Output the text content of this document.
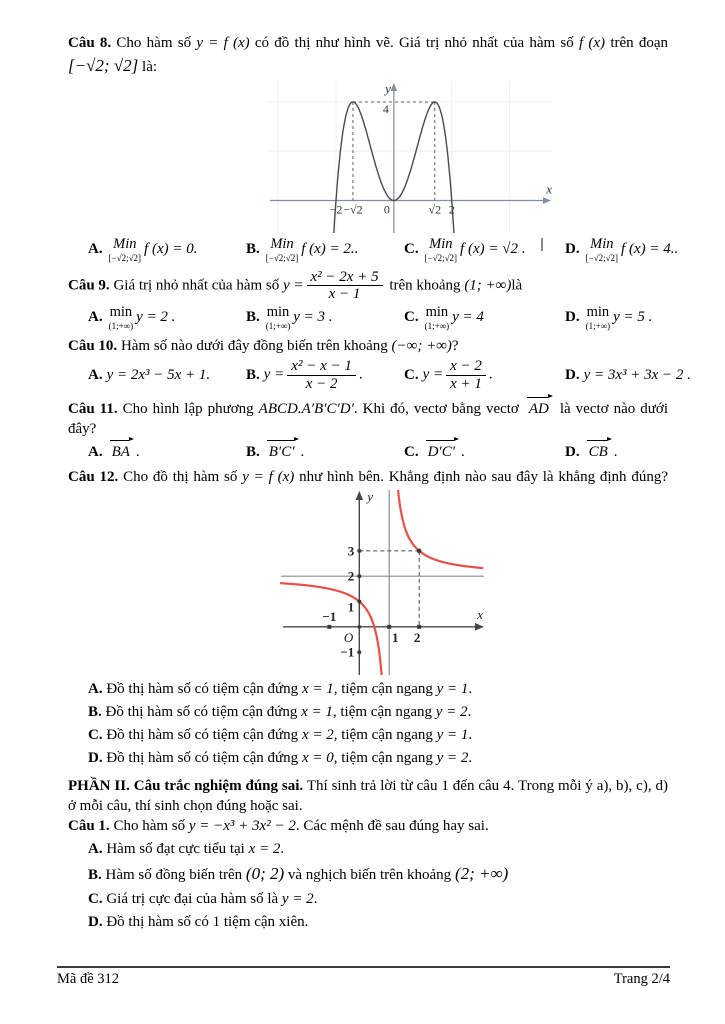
Câu 8. Cho hàm số y = f (x) có đồ thị như hình vẽ. Giá trị nhỏ nhất của hàm số f (x) trên đoạn
[−√2; √2] là:
y
x
4
−2 −√2 0	√2 2
A. Min
[−√2;√2]
f (x) = 0.	B. Min
[−√2;√2]
f (x) = 2..	C. Min
[−√2;√2]
f (x) = √2 .	D. Min
[−√2;√2]
f (x) = 4..
Câu 9. Giá trị nhỏ nhất của hàm số $y = \frac{\text{x² − 2x + 5}}{x - 1}$ trên khoảng (1; +∞)là
A. min
(1;+∞)
y = 2 .	B. min
(1;+∞)
y = 3 .	C. min
(1;+∞)
y = 4	D. min
(1;+∞)
y = 5 .
Câu 10. Hàm số nào dưới đây đồng biến trên khoảng (−∞; +∞)?
A. y = 2x³ − 5x + 1.	B. $y = \frac{\text{x² − x − 1}}{x - 2}$ .	C. $y = \frac{x - 2}{x + 1}$ .	D. y = 3x³ + 3x − 2 .
Câu 11. Cho hình lập phương ABCD.A′B′C′D′. Khi đó, vectơ bằng vectơ AD là vectơ nào dưới đây?
A. BA .	B. B′C′ .	C. D′C′ .	D. CB .
Câu 12. Cho đồ thị hàm số y = f (x) như hình bên. Khẳng định nào sau đây là khẳng định đúng?
−1
1
2
3
−1
1 2
O
y
x
A. Đồ thị hàm số có tiệm cận đứng x = 1, tiệm cận ngang y = 1.
B. Đồ thị hàm số có tiệm cận đứng x = 1, tiệm cận ngang y = 2.
C. Đồ thị hàm số có tiệm cận đứng x = 2, tiệm cận ngang y = 1.
D. Đồ thị hàm số có tiệm cận đứng x = 0, tiệm cận ngang y = 2.
PHẦN II. Câu trắc nghiệm đúng sai. Thí sinh trả lời từ câu 1 đến câu 4. Trong mỗi ý a), b), c), d) ở mỗi câu, thí sinh chọn đúng hoặc sai.
Câu 1. Cho hàm số y = −x³ + 3x² − 2. Các mệnh đề sau đúng hay sai.
A. Hàm số đạt cực tiểu tại x = 2.
B. Hàm số đồng biến trên (0; 2) và nghịch biến trên khoảng (2; +∞)
C. Giá trị cực đại của hàm số là y = 2.
D. Đồ thị hàm số có 1 tiệm cận xiên.
Mã đề 312	Trang 2/4
